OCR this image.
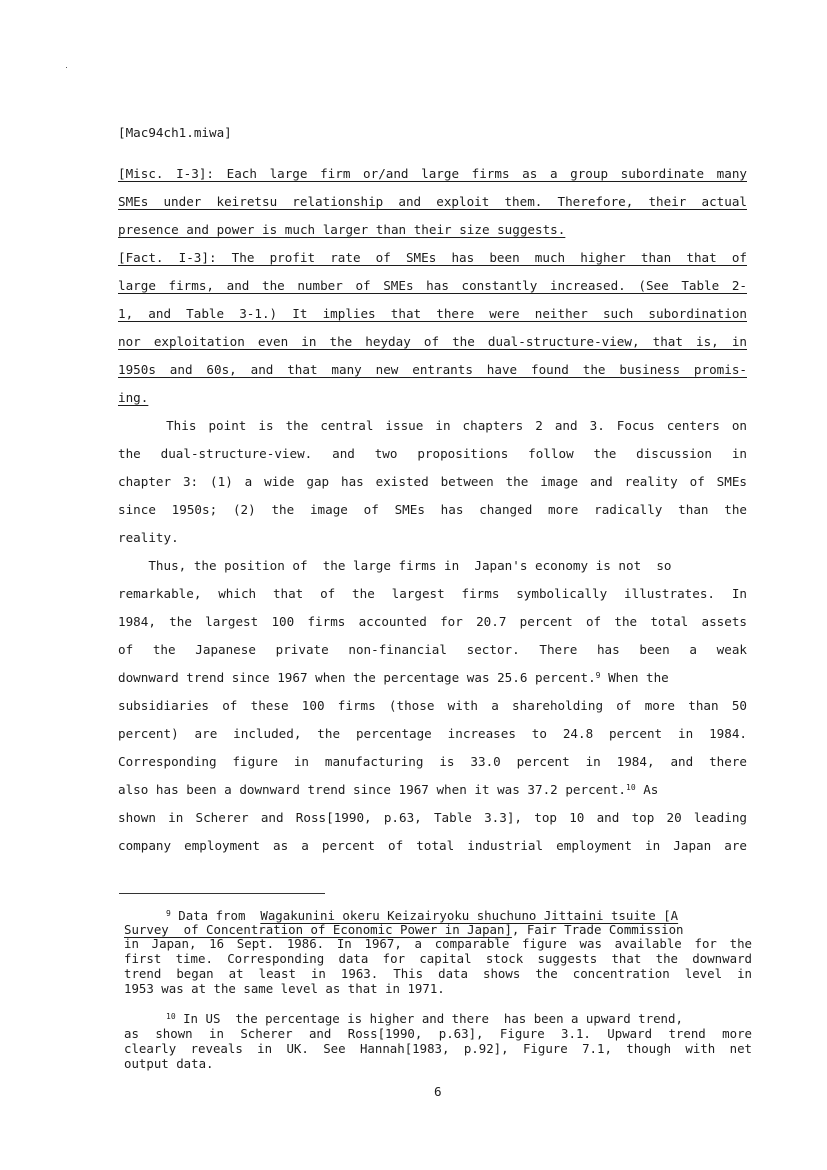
[Mac94ch1.miwa]
[Misc. I-3]: Each large firm or/and large firms as a group subordinate many
SMEs under keiretsu relationship and exploit them. Therefore, their actual
presence and power is much larger than their size suggests.
[Fact. I-3]: The profit rate of SMEs has been much higher than that of
large firms, and the number of SMEs has constantly increased. (See Table 2-
1, and Table 3-1.) It implies that there were neither such subordination
nor exploitation even in the heyday of the dual-structure-view, that is, in
1950s and 60s, and that many new entrants have found the business promis-
ing.
This point is the central issue in chapters 2 and 3. Focus centers on
the dual-structure-view. and two propositions follow the discussion in
chapter 3: (1) a wide gap has existed between the image and reality of SMEs
since 1950s; (2) the image of SMEs has changed more radically than the
reality.
Thus, the position of  the large firms in  Japan's economy is not  so
remarkable, which that of the largest firms symbolically illustrates. In
1984, the largest 100 firms accounted for 20.7 percent of the total assets
of the Japanese private non-financial sector. There has been a weak
downward trend since 1967 when the percentage was 25.6 percent.$^9$ When the
subsidiaries of these 100 firms (those with a shareholding of more than 50
percent) are included, the percentage increases to 24.8 percent in 1984.
Corresponding figure in manufacturing is 33.0 percent in 1984, and there
also has been a downward trend since 1967 when it was 37.2 percent.$^{10}$ As
shown in Scherer and Ross[1990, p.63, Table 3.3], top 10 and top 20 leading
company employment as a percent of total industrial employment in Japan are
$^9$ Data from  Wagakunini okeru Keizairyoku shuchuno Jittaini tsuite [A
Survey  of Concentration of Economic Power in Japan], Fair Trade Commission
in Japan, 16 Sept. 1986. In 1967, a comparable figure was available for the
first time. Corresponding data for capital stock suggests that the downward
trend began at least in 1963. This data shows the concentration level in
1953 was at the same level as that in 1971.
$^{10}$ In US  the percentage is higher and there  has been a upward trend,
as shown in Scherer and Ross[1990, p.63], Figure 3.1. Upward trend more
clearly reveals in UK. See Hannah[1983, p.92], Figure 7.1, though with net
output data.
6
